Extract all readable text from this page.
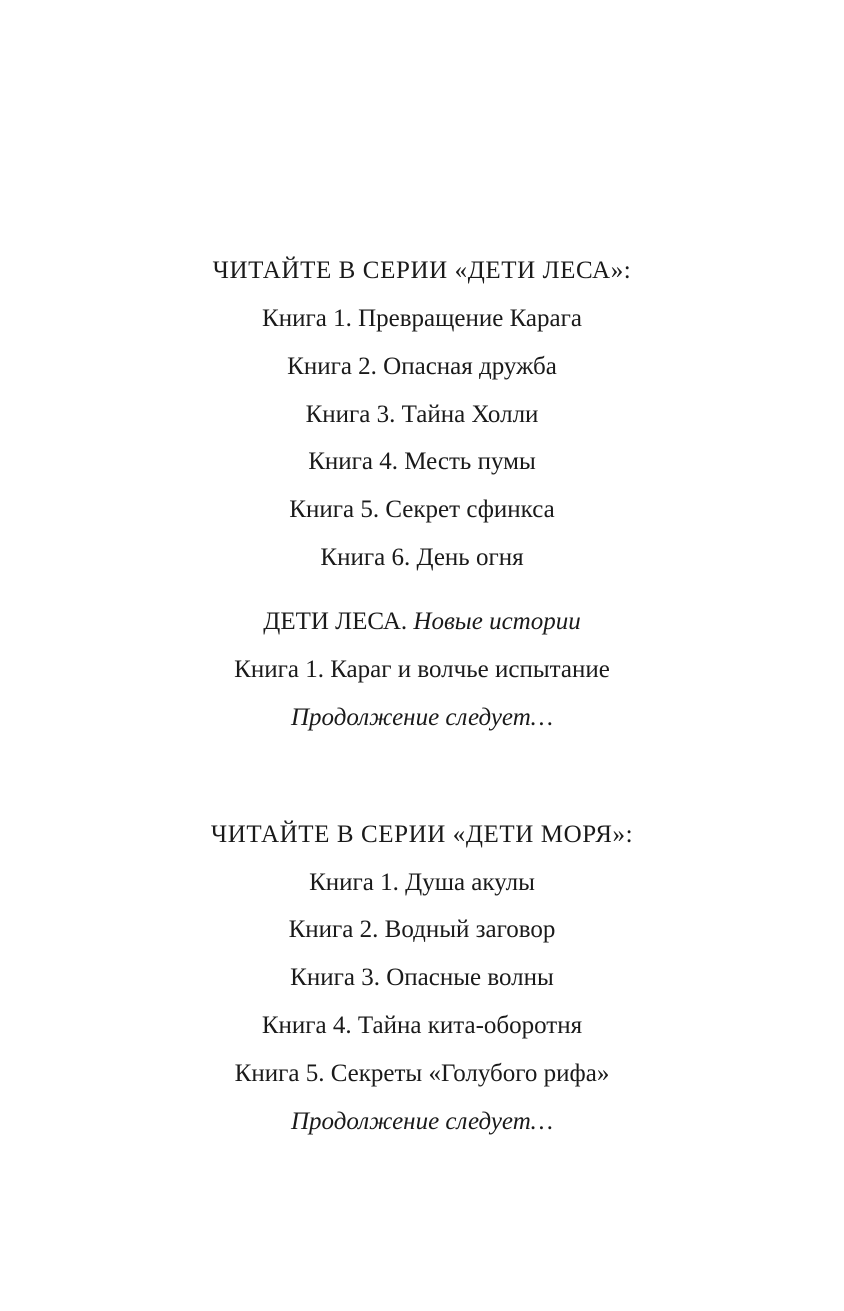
ЧИТАЙТЕ В СЕРИИ «ДЕТИ ЛЕСА»:
Книга 1. Превращение Карага
Книга 2. Опасная дружба
Книга 3. Тайна Холли
Книга 4. Месть пумы
Книга 5. Секрет сфинкса
Книга 6. День огня
ДЕТИ ЛЕСА. Новые истории
Книга 1. Караг и волчье испытание
Продолжение следует…
ЧИТАЙТЕ В СЕРИИ «ДЕТИ МОРЯ»:
Книга 1. Душа акулы
Книга 2. Водный заговор
Книга 3. Опасные волны
Книга 4. Тайна кита-оборотня
Книга 5. Секреты «Голубого рифа»
Продолжение следует…
